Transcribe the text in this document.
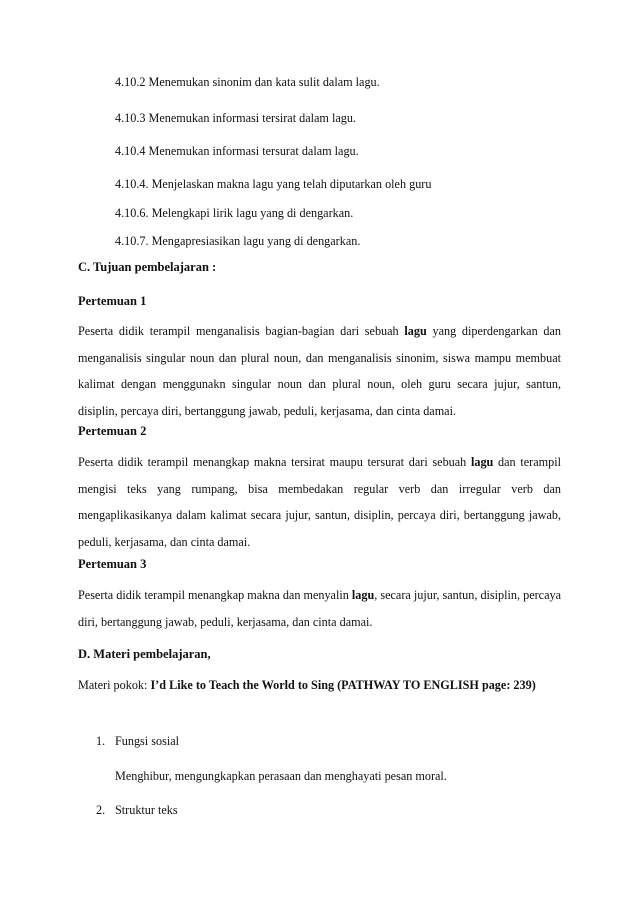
4.10.2 Menemukan sinonim dan kata sulit dalam lagu.
4.10.3 Menemukan informasi tersirat dalam lagu.
4.10.4 Menemukan informasi tersurat dalam lagu.
4.10.4. Menjelaskan makna lagu yang telah diputarkan oleh guru
4.10.6. Melengkapi lirik lagu yang di dengarkan.
4.10.7. Mengapresiasikan lagu yang di dengarkan.
C. Tujuan pembelajaran :
Pertemuan 1
Peserta didik terampil menganalisis bagian-bagian dari sebuah lagu yang diperdengarkan dan menganalisis singular noun dan plural noun, dan menganalisis sinonim, siswa mampu membuat kalimat dengan menggunakn singular noun dan plural noun, oleh guru secara jujur, santun, disiplin, percaya diri, bertanggung jawab, peduli, kerjasama, dan cinta damai.
Pertemuan 2
Peserta didik terampil menangkap makna tersirat maupu tersurat dari sebuah lagu dan terampil mengisi teks yang rumpang, bisa membedakan regular verb dan irregular verb dan mengaplikasikanya dalam kalimat secara jujur, santun, disiplin, percaya diri, bertanggung jawab, peduli, kerjasama, dan cinta damai.
Pertemuan 3
Peserta didik terampil menangkap makna dan menyalin lagu, secara jujur, santun, disiplin, percaya diri, bertanggung jawab, peduli, kerjasama, dan cinta damai.
D. Materi pembelajaran,
Materi pokok: I’d Like to Teach the World to Sing (PATHWAY TO ENGLISH page: 239)
1. Fungsi sosial
Menghibur, mengungkapkan perasaan dan menghayati pesan moral.
2. Struktur teks
